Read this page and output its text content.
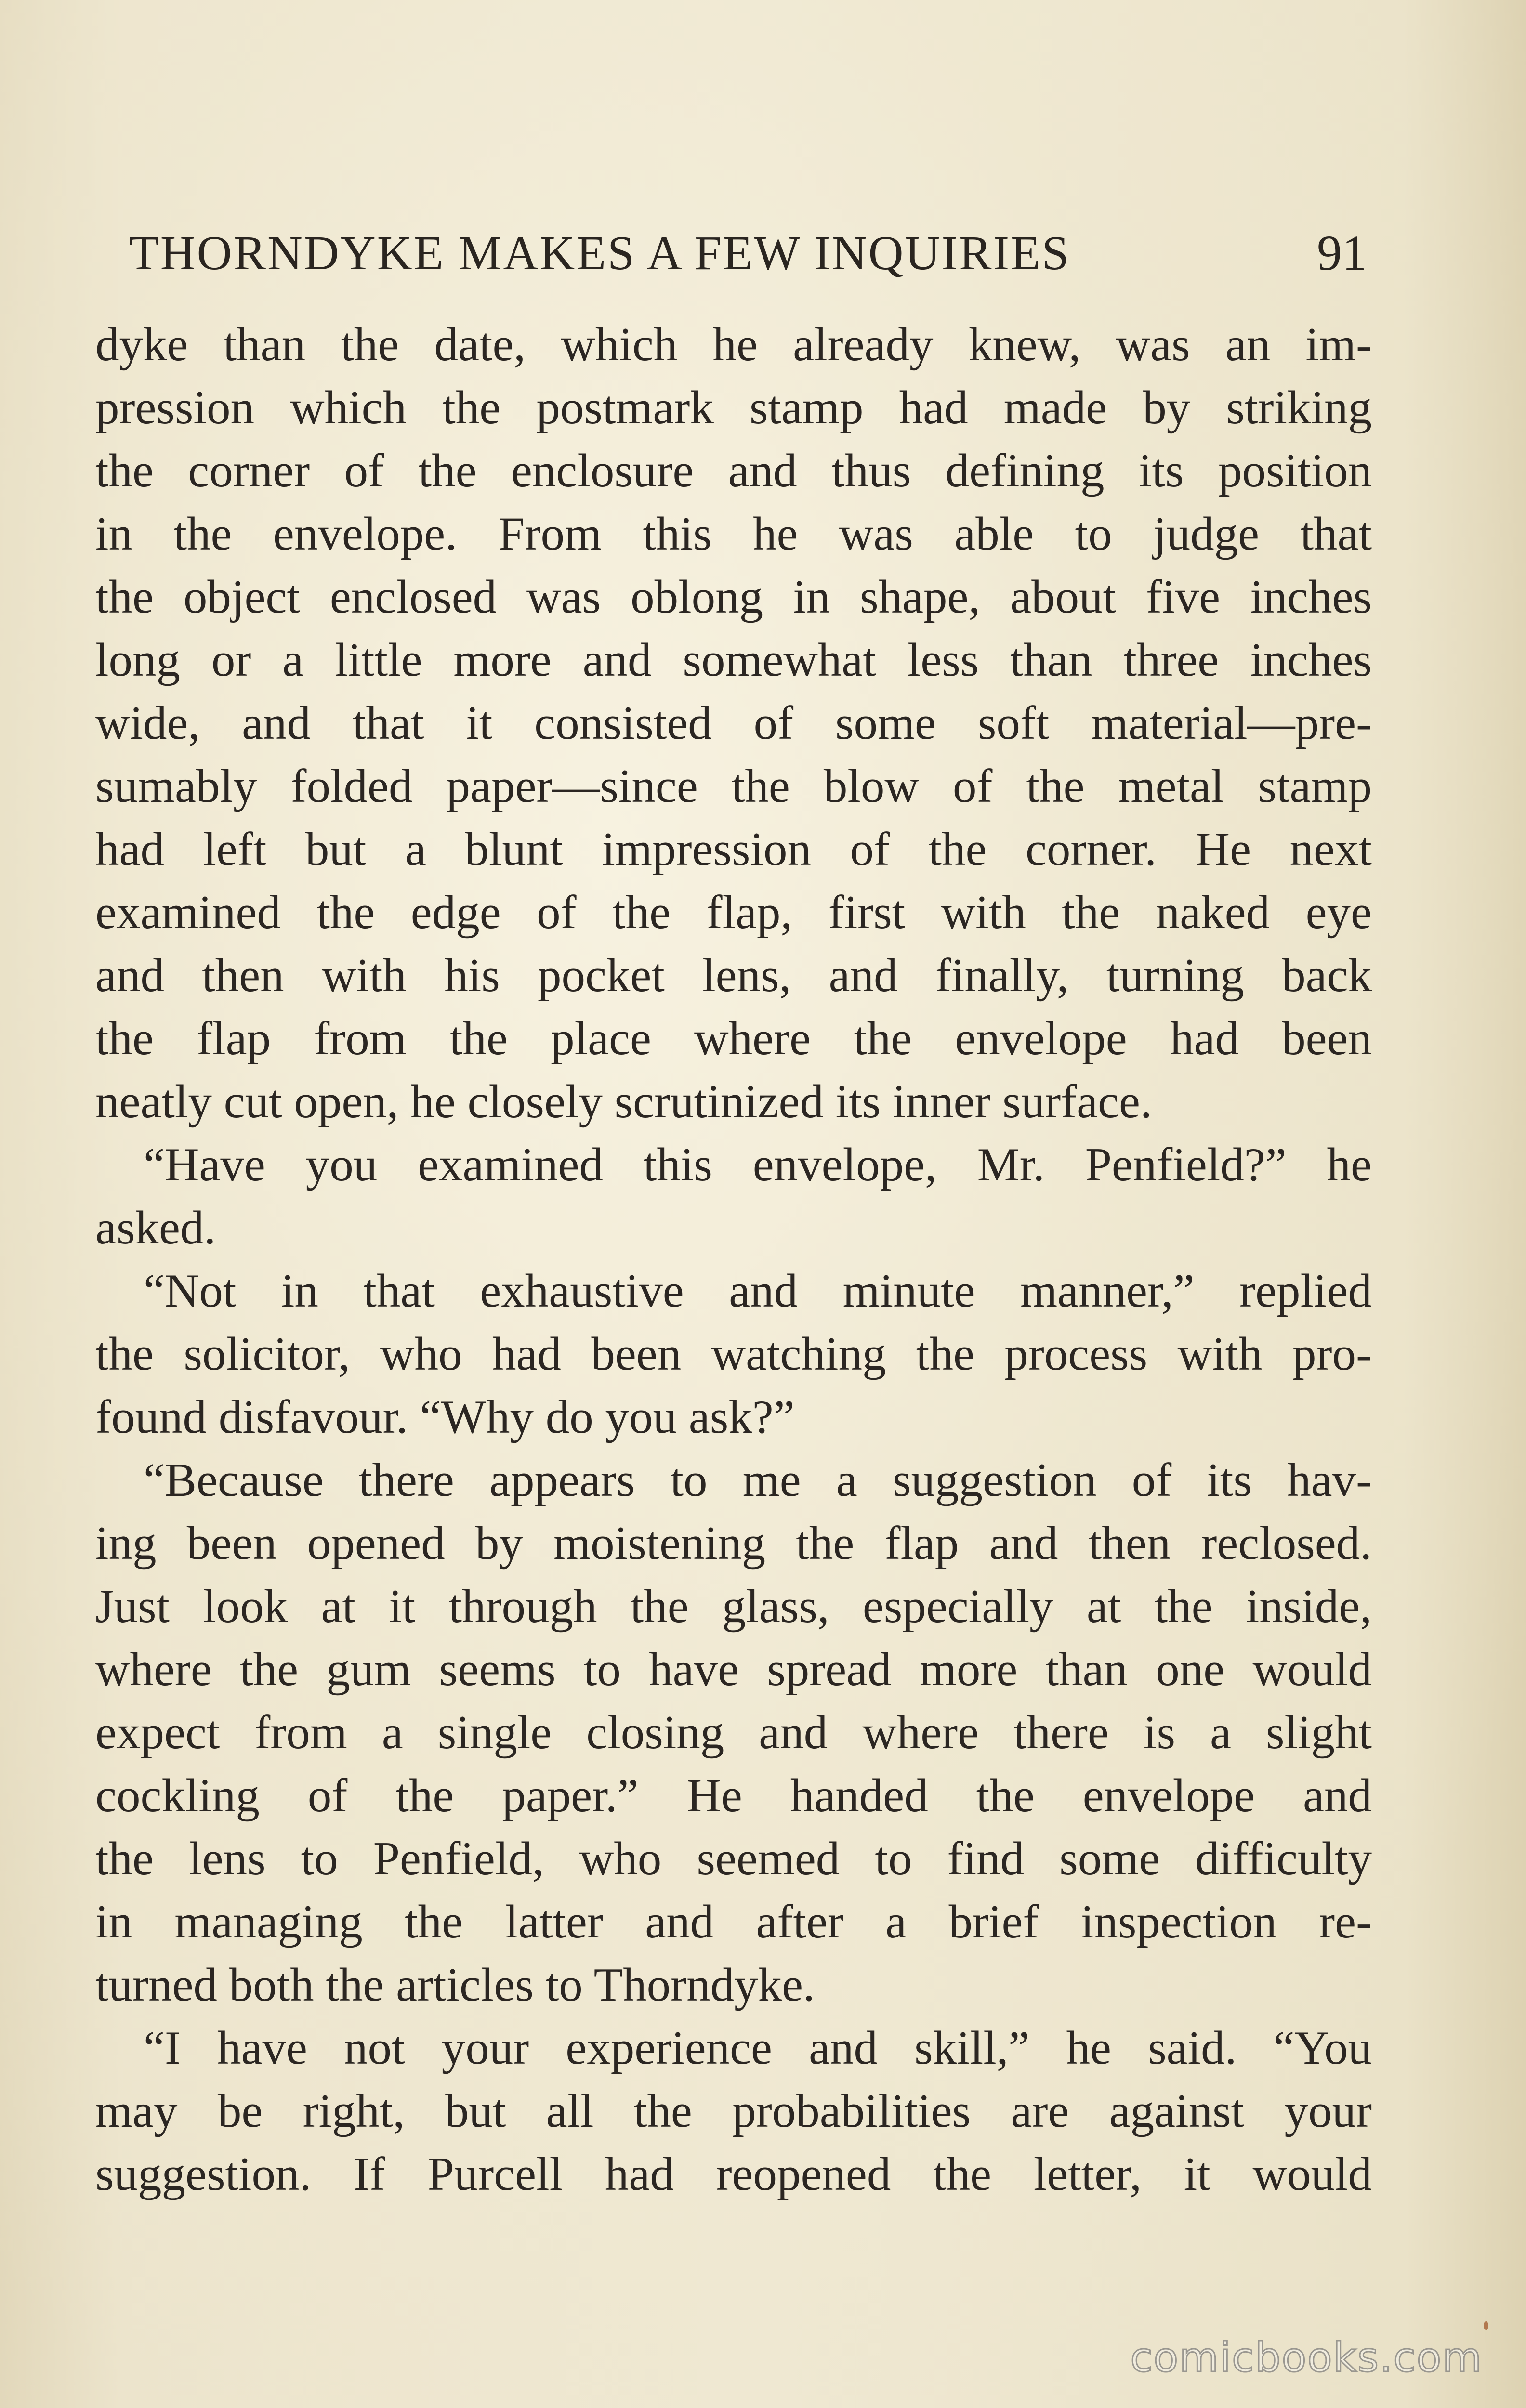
THORNDYKE MAKES A FEW INQUIRIES	91
dyke than the date, which he already knew, was an im-
pression which the postmark stamp had made by striking
the corner of the enclosure and thus defining its position
in the envelope. From this he was able to judge that
the object enclosed was oblong in shape, about five inches
long or a little more and somewhat less than three inches
wide, and that it consisted of some soft material—pre-
sumably folded paper—since the blow of the metal stamp
had left but a blunt impression of the corner. He next
examined the edge of the flap, first with the naked eye
and then with his pocket lens, and finally, turning back
the flap from the place where the envelope had been
neatly cut open, he closely scrutinized its inner surface.
“Have you examined this envelope, Mr. Penfield?” he
asked.
“Not in that exhaustive and minute manner,” replied
the solicitor, who had been watching the process with pro-
found disfavour. “Why do you ask?”
“Because there appears to me a suggestion of its hav-
ing been opened by moistening the flap and then reclosed.
Just look at it through the glass, especially at the inside,
where the gum seems to have spread more than one would
expect from a single closing and where there is a slight
cockling of the paper.” He handed the envelope and
the lens to Penfield, who seemed to find some difficulty
in managing the latter and after a brief inspection re-
turned both the articles to Thorndyke.
“I have not your experience and skill,” he said. “You
may be right, but all the probabilities are against your
suggestion. If Purcell had reopened the letter, it would
comicbooks.com
